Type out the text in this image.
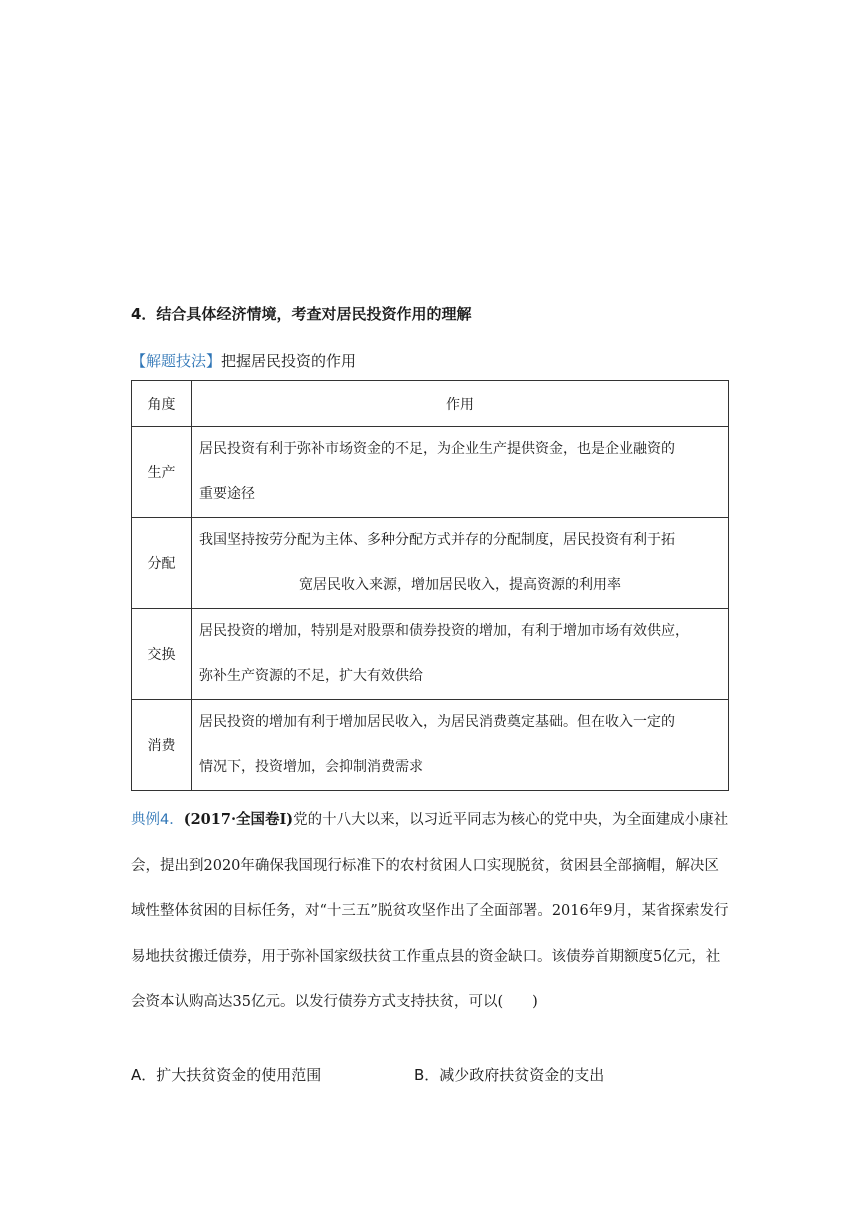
4．结合具体经济情境，考查对居民投资作用的理解
【解题技法】把握居民投资的作用
角度	作用
生产	居民投资有利于弥补市场资金的不足，为企业生产提供资金，也是企业融资的
重要途径

分配	我国坚持按劳分配为主体、多种分配方式并存的分配制度，居民投资有利于拓
宽居民收入来源，增加居民收入，提高资源的利用率

交换	居民投资的增加，特别是对股票和债券投资的增加，有利于增加市场有效供应，
弥补生产资源的不足，扩大有效供给

消费	居民投资的增加有利于增加居民收入，为居民消费奠定基础。但在收入一定的
情况下，投资增加，会抑制消费需求
典例4．(2017·全国卷Ⅰ)党的十八大以来，以习近平同志为核心的党中央，为全面建成小康社会，提出到2020年确保我国现行标准下的农村贫困人口实现脱贫，贫困县全部摘帽，解决区域性整体贫困的目标任务，对“十三五”脱贫攻坚作出了全面部署。2016年9月，某省探索发行易地扶贫搬迁债券，用于弥补国家级扶贫工作重点县的资金缺口。该债券首期额度5亿元，社会资本认购高达35亿元。以发行债券方式支持扶贫，可以(　　)
A．扩大扶贫资金的使用范围	B．减少政府扶贫资金的支出
